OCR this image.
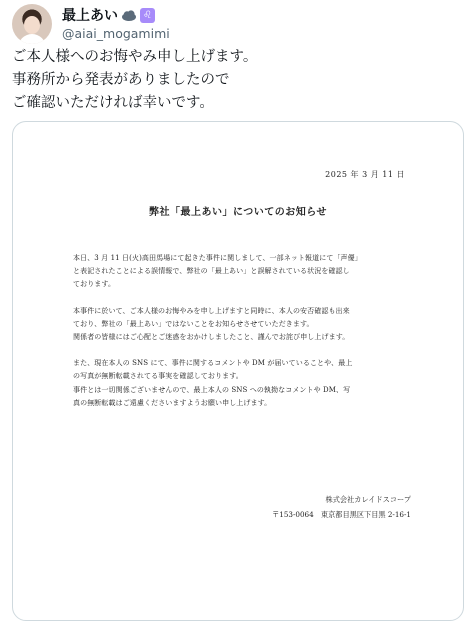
最上あい	♌
@aiai_mogamimi
ご本人様へのお悔やみ申し上げます。
事務所から発表がありましたので
ご確認いただければ幸いです。
2025 年 3 月 11 日
弊社「最上あい」についてのお知らせ

本日、3 月 11 日(火)高田馬場にて起きた事件に関しまして、一部ネット報道にて「声優」
と表記されたことによる誤情報で、弊社の「最上あい」と誤解されている状況を確認し
ております。

本事件に於いて、ご本人様のお悔やみを申し上げますと同時に、本人の安否確認も出来
ており、弊社の「最上あい」ではないことをお知らせさせていただきます。
関係者の皆様にはご心配とご迷惑をおかけしましたこと、謹んでお詫び申し上げます。

また、現在本人の SNS にて、事件に関するコメントや DM が届いていることや、最上
の写真が無断転載されてる事実を確認しております。
事件とは一切関係ございませんので、最上本人の SNS への執拗なコメントや DM、写
真の無断転載はご遠慮くださいますようお願い申し上げます。

株式会社カレイドスコープ
〒153-0064　東京都目黒区下目黒 2-16-1
